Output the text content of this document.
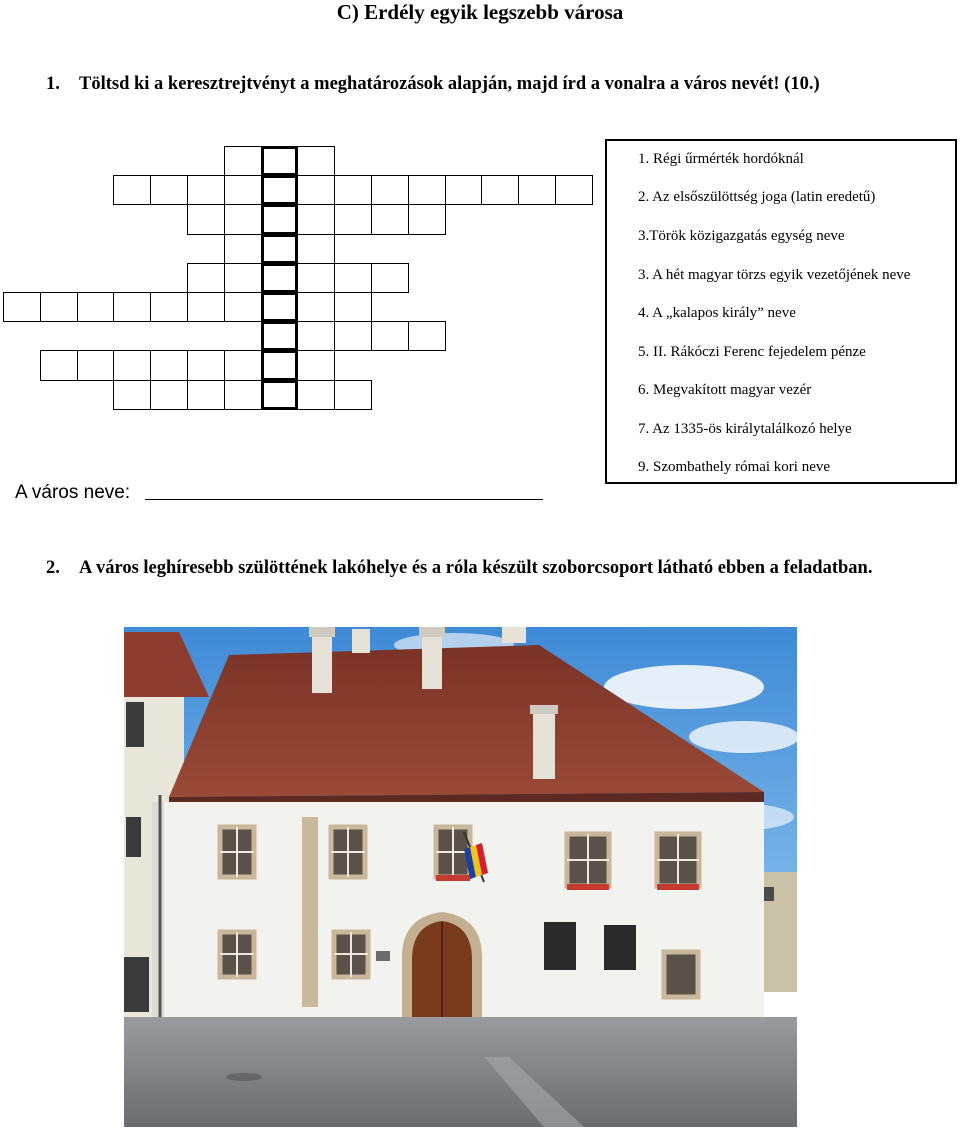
C) Erdély egyik legszebb városa
1. Töltsd ki a keresztrejtvényt a meghatározások alapján, majd írd a vonalra a város nevét! (10.)
1. Régi űrmérték hordóknál
2. Az elsőszülöttség joga (latin eredetű)
3.Török közigazgatás egység neve
3. A hét magyar törzs egyik vezetőjének neve
4. A „kalapos király” neve
5. II. Rákóczi Ferenc fejedelem pénze
6. Megvakított magyar vezér
7. Az 1335-ös királytalálkozó helye
9. Szombathely római kori neve
A város neve:
2. A város leghíresebb szülöttének lakóhelye és a róla készült szoborcsoport látható ebben a feladatban.
